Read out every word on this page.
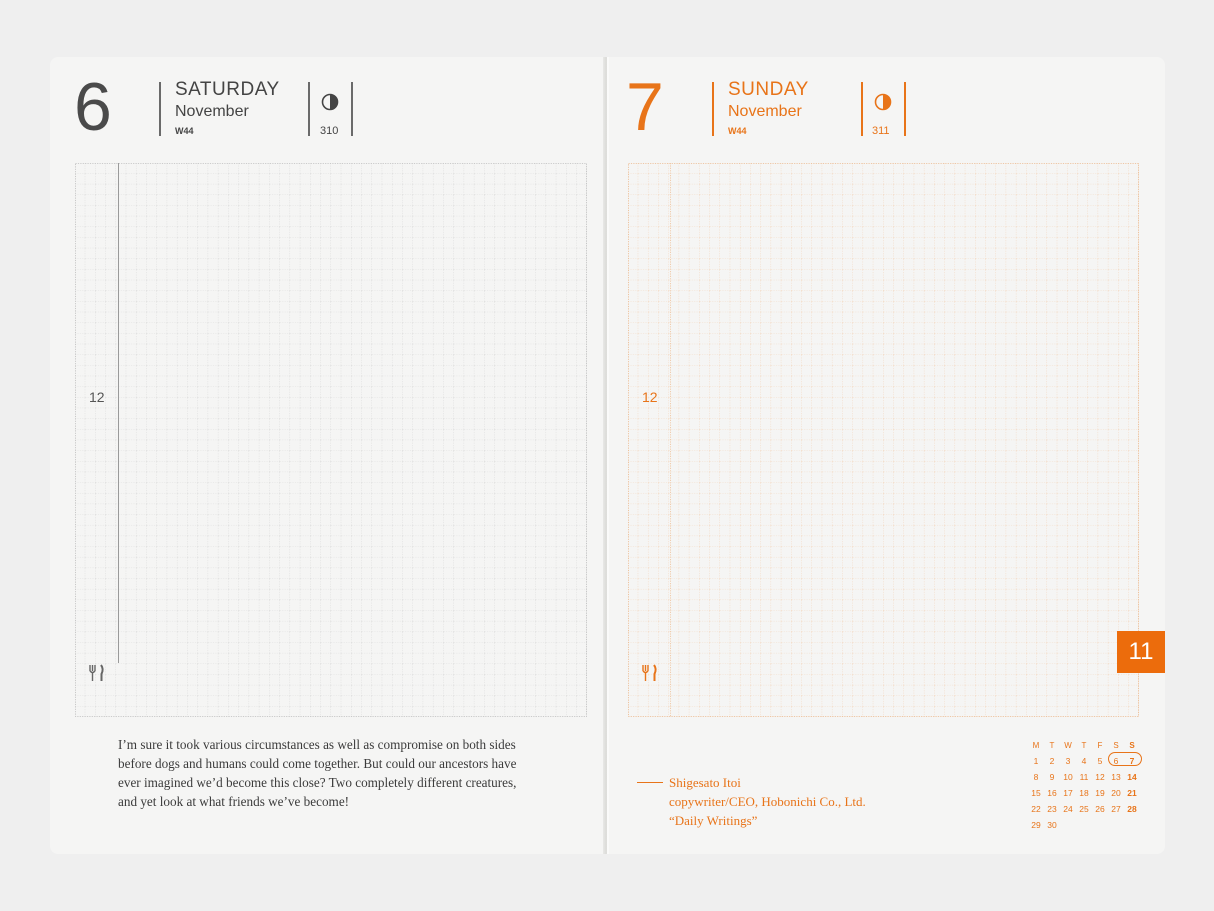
6	SATURDAY
November
W44	310
12
I’m sure it took various circumstances as well as compromise on both sides before dogs and humans could come together. But could our ancestors have ever imagined we’d become this close? Two completely different creatures, and yet look at what friends we’ve become!
7	SUNDAY
November
W44	311
12
Shigesato Itoi
copywriter/CEO, Hobonichi Co., Ltd.
“Daily Writings”
M	T	W	T	F	S	S
1	2	3	4	5	6	7
8	9	10	11	12	13	14
15	16	17	18	19	20	21
22	23	24	25	26	27	28
29	30					
11
